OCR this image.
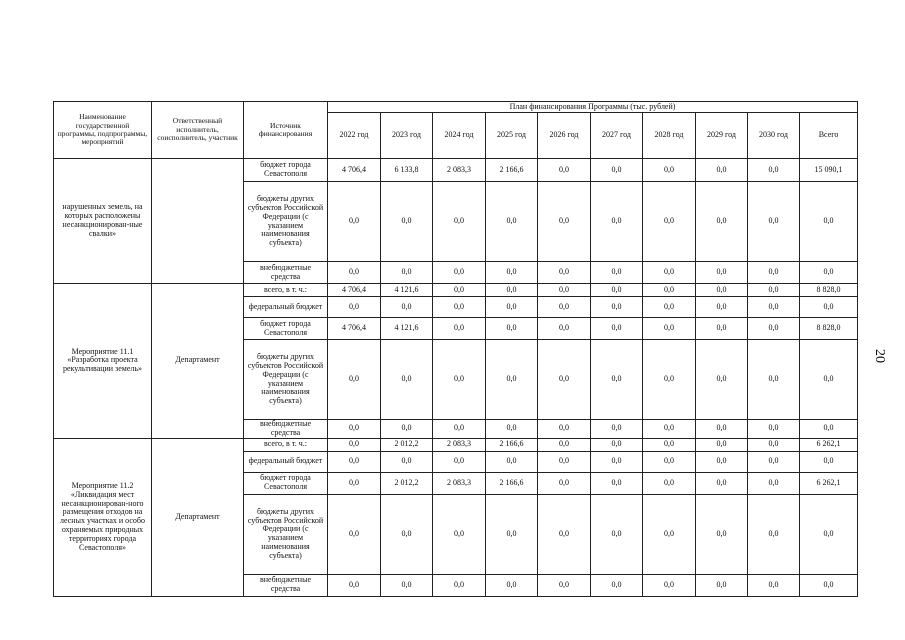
Наименование государственной программы, подпрограммы, мероприятий	Ответственный исполнитель, соисполнитель, участник	Источник финансирования	План финансирования Программы (тыс. рублей)									
			2022 год	2023 год	2024 год	2025 год	2026 год	2027 год	2028 год	2029 год	2030 год	Всего
нарушенных земель, на которых расположены несанкционирован-ные свалки»		бюджет города Севастополя	4 706,4	6 133,8	2 083,3	2 166,6	0,0	0,0	0,0	0,0	0,0	15 090,1
		бюджеты других субъектов Российской Федерации (с указанием наименования субъекта)	0,0	0,0	0,0	0,0	0,0	0,0	0,0	0,0	0,0	0,0
		внебюджетные средства	0,0	0,0	0,0	0,0	0,0	0,0	0,0	0,0	0,0	0,0
Мероприятие 11.1 «Разработка проекта рекультивации земель»	Департамент	всего, в т. ч.:	4 706,4	4 121,6	0,0	0,0	0,0	0,0	0,0	0,0	0,0	8 828,0
		федеральный бюджет	0,0	0,0	0,0	0,0	0,0	0,0	0,0	0,0	0,0	0,0
		бюджет города Севастополя	4 706,4	4 121,6	0,0	0,0	0,0	0,0	0,0	0,0	0,0	8 828,0
		бюджеты других субъектов Российской Федерации (с указанием наименования субъекта)	0,0	0,0	0,0	0,0	0,0	0,0	0,0	0,0	0,0	0,0
		внебюджетные средства	0,0	0,0	0,0	0,0	0,0	0,0	0,0	0,0	0,0	0,0
Мероприятие 11.2 «Ликвидация мест несанкционирован-ного размещения отходов на лесных участках и особо охраняемых природных территориях города Севастополя»	Департамент	всего, в т. ч.:	0,0	2 012,2	2 083,3	2 166,6	0,0	0,0	0,0	0,0	0,0	6 262,1
		федеральный бюджет	0,0	0,0	0,0	0,0	0,0	0,0	0,0	0,0	0,0	0,0
		бюджет города Севастополя	0,0	2 012,2	2 083,3	2 166,6	0,0	0,0	0,0	0,0	0,0	6 262,1
		бюджеты других субъектов Российской Федерации (с указанием наименования субъекта)	0,0	0,0	0,0	0,0	0,0	0,0	0,0	0,0	0,0	0,0
		внебюджетные средства	0,0	0,0	0,0	0,0	0,0	0,0	0,0	0,0	0,0	0,0
20
